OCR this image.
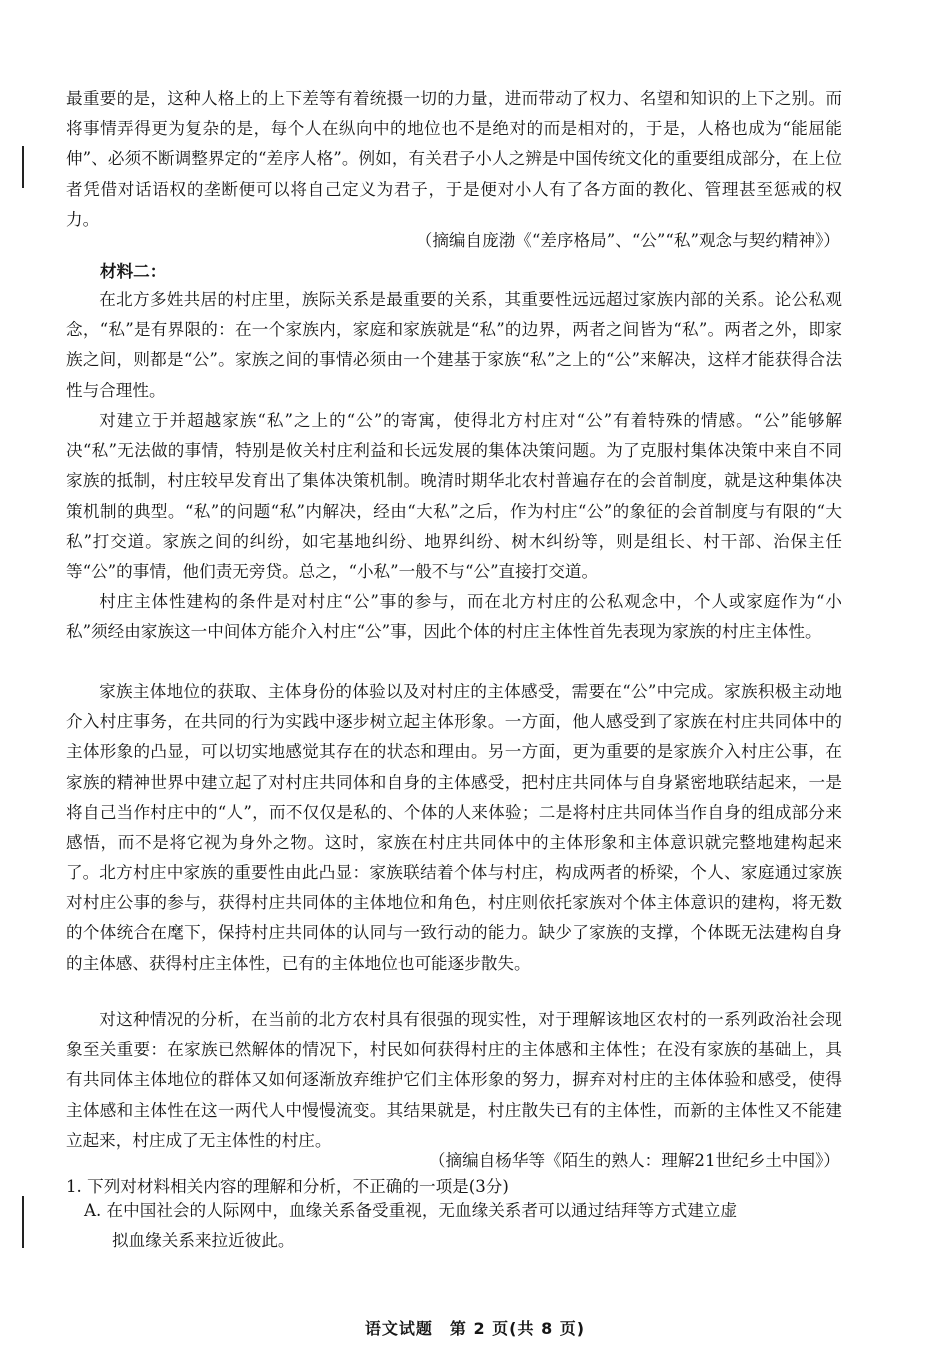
最重要的是，这种人格上的上下差等有着统摄一切的力量，进而带动了权力、名望和知识的上下之别。而将事情弄得更为复杂的是，每个人在纵向中的地位也不是绝对的而是相对的，于是，人格也成为“能屈能伸”、必须不断调整界定的“差序人格”。例如，有关君子小人之辨是中国传统文化的重要组成部分，在上位者凭借对话语权的垄断便可以将自己定义为君子，于是便对小人有了各方面的教化、管理甚至惩戒的权力。

（摘编自庞渤《“差序格局”、“公”“私”观念与契约精神》）

材料二：

在北方多姓共居的村庄里，族际关系是最重要的关系，其重要性远远超过家族内部的关系。论公私观念，“私”是有界限的：在一个家族内，家庭和家族就是“私”的边界，两者之间皆为“私”。两者之外，即家族之间，则都是“公”。家族之间的事情必须由一个建基于家族“私”之上的“公”来解决，这样才能获得合法性与合理性。

对建立于并超越家族“私”之上的“公”的寄寓，使得北方村庄对“公”有着特殊的情感。“公”能够解决“私”无法做的事情，特别是攸关村庄利益和长远发展的集体决策问题。为了克服村集体决策中来自不同家族的抵制，村庄较早发育出了集体决策机制。晚清时期华北农村普遍存在的会首制度，就是这种集体决策机制的典型。“私”的问题“私”内解决，经由“大私”之后，作为村庄“公”的象征的会首制度与有限的“大私”打交道。家族之间的纠纷，如宅基地纠纷、地界纠纷、树木纠纷等，则是组长、村干部、治保主任等“公”的事情，他们责无旁贷。总之，“小私”一般不与“公”直接打交道。

村庄主体性建构的条件是对村庄“公”事的参与，而在北方村庄的公私观念中，个人或家庭作为“小私”须经由家族这一中间体方能介入村庄“公”事，因此个体的村庄主体性首先表现为家族的村庄主体性。

家族主体地位的获取、主体身份的体验以及对村庄的主体感受，需要在“公”中完成。家族积极主动地介入村庄事务，在共同的行为实践中逐步树立起主体形象。一方面，他人感受到了家族在村庄共同体中的主体形象的凸显，可以切实地感觉其存在的状态和理由。另一方面，更为重要的是家族介入村庄公事，在家族的精神世界中建立起了对村庄共同体和自身的主体感受，把村庄共同体与自身紧密地联结起来，一是将自己当作村庄中的“人”，而不仅仅是私的、个体的人来体验；二是将村庄共同体当作自身的组成部分来感悟，而不是将它视为身外之物。这时，家族在村庄共同体中的主体形象和主体意识就完整地建构起来了。 北方村庄中家族的重要性由此凸显：家族联结着个体与村庄，构成两者的桥梁，个人、家庭通过家族对村庄公事的参与，获得村庄共同体的主体地位和角色，村庄则依托家族对个体主体意识的建构，将无数的个体统合在麾下，保持村庄共同体的认同与一致行动的能力。缺少了家族的支撑，个体既无法建构自身的主体感、获得村庄主体性，已有的主体地位也可能逐步散失。

对这种情况的分析，在当前的北方农村具有很强的现实性，对于理解该地区农村的一系列政治社会现象至关重要：在家族已然解体的情况下，村民如何获得村庄的主体感和主体性；在没有家族的基础上，具有共同体主体地位的群体又如何逐渐放弃维护它们主体形象的努力，摒弃对村庄的主体体验和感受，使得主体感和主体性在这一两代人中慢慢流变。其结果就是，村庄散失已有的主体性，而新的主体性又不能建立起来，村庄成了无主体性的村庄。

（摘编自杨华等《陌生的熟人：理解21世纪乡土中国》）

1. 下列对材料相关内容的理解和分析，不正确的一项是(3分)

A. 在中国社会的人际网中，血缘关系备受重视，无血缘关系者可以通过结拜等方式建立虚
拟血缘关系来拉近彼此。
语文试题　第 2 页(共 8 页)
